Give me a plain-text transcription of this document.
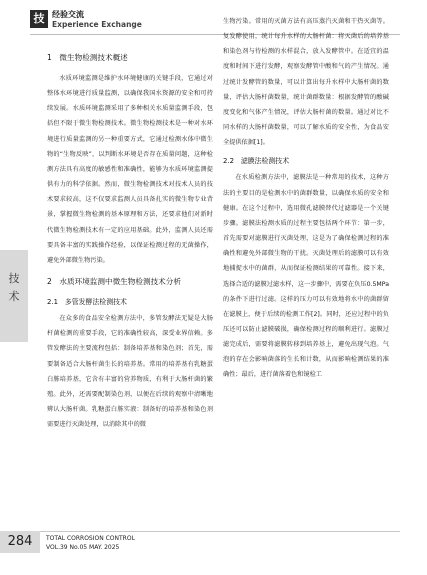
技 经验交流
Experience Exchange
技
术
1　微生物检测技术概述

水质环境监测是维护水环境健康的关键手段，它通过对整体水环境进行质量监测，以确保我国水资源的安全和可持续发展。水质环境监测采用了多种相关水质量监测手段，包括但不限于微生物检测技术。微生物检测技术是一种对水环境进行质量监测的另一种重要方式，它通过检测水体中微生物的“生物反映”，以判断水环境是否存在质量问题，这种检测方法具有高度的敏感性和准确性，能够为水质环境监测提供有力的科学依据。然而，微生物检测技术对技术人员的技术要求较高，这不仅要求监测人员具备扎实的微生物专业背景，掌握微生物检测的基本原理和方法，还要求他们对新时代微生物检测技术有一定的应用基础。此外，监测人员还需要具备丰富的实践操作经验，以保证检测过程的无菌操作，避免外部微生物污染。

2　水质环境监测中微生物检测技术分析
2.1　多管发酵法检测技术

在众多的食品安全检测方法中，多管发酵法无疑是大肠杆菌检测的重要手段，它的准确性较高，深受业界信赖。多管发酵法的主要流程包括：制备培养基和染色剂；首先，需要制备适合大肠杆菌生长的培养基。常用的培养基有乳糖蛋白胨培养基，它含有丰富的营养物质，有利于大肠杆菌的繁殖。此外，还需要配制染色剂，以便在后续的观察中清晰地辨认大肠杆菌。乳糖蛋白胨实液：制备好的培养基和染色剂需要进行灭菌处理，以消除其中的微

生物污染。常用的灭菌方法有高压蒸汽灭菌和干热灭菌等。复发酵使用，统计每升水样的大肠杆菌：将灭菌后的培养基和染色剂与待检测的水样混合，放入发酵管中。在适宜的温度和时间下进行发酵，观察发酵管中酸和气的产生情况。通过统计发酵管的数量，可以计算出每升水样中大肠杆菌的数量，评估大肠杆菌数量，统计菌群数量：根据发酵管的酸碱度变化和气体产生情况，评估大肠杆菌的数量。通过对比不同水样的大肠杆菌数量，可以了解水质的安全性，为食品安全提供依据[1]。

2.2　滤膜法检测技术

在水质检测方法中，滤膜法是一种常用的技术，这种方法的主要目的是检测水中的菌群数量，以确保水质的安全和健康。在这个过程中，选用微孔滤膜替代过滤器是一个关键步骤。滤膜法检测水质的过程主要包括两个环节：第一步，首先需要对滤膜进行灭菌处理，这是为了确保检测过程的准确性和避免外部微生物的干扰。灭菌处理后的滤膜可以有效地捕捉水中的菌群，从而保证检测结果的可靠性。接下来，选择合适的滤膜过滤水样，这一步骤中，需要在负压0.5MPa的条件下进行过滤。这样的压力可以有效地将水中的菌群留在滤膜上，便于后续的检测工作[2]。同时，还应过程中的负压还可以防止滤膜破损，确保检测过程的顺利进行。滤膜过滤完成后，需要将滤膜转移到培养基上，避免出现气泡。气泡的存在会影响菌落的生长和计数，从而影响检测结果的准确性；最后，进行菌落着色和镜检工

284	TOTAL CORROSION CONTROL
VOL.39 No.05 MAY. 2025
